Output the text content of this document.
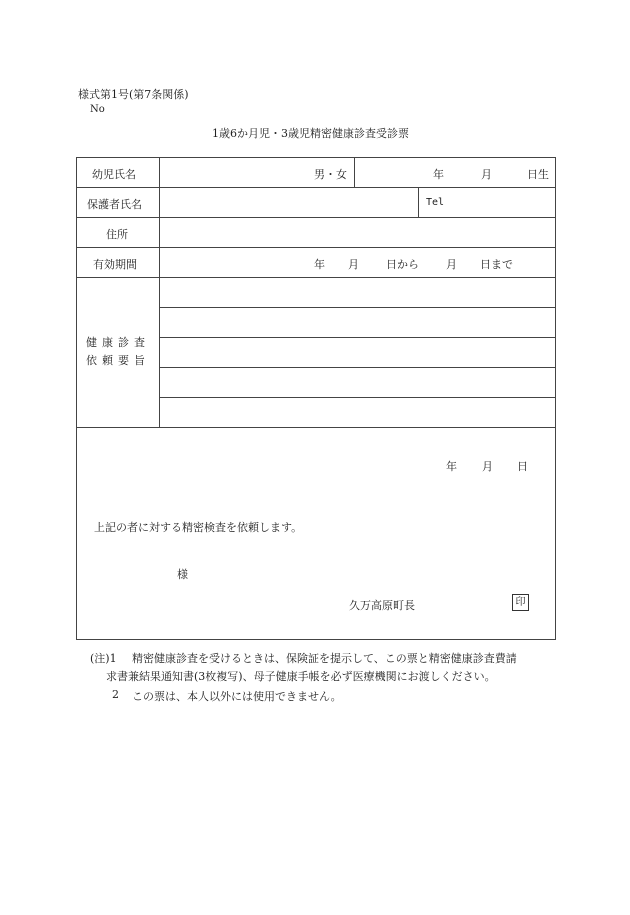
様式第1号(第7条関係)
No
1歳6か月児・3歳児精密健康診査受診票
幼児氏名	男・女	年	月	日生
保護者氏名	Tel
住所
有効期間	年 月 日から 月 日まで
健康診査
依頼要旨
年 月 日
上記の者に対する精密検査を依頼します。
様
久万高原町長	印
(注)1 精密健康診査を受けるときは、保険証を提示して、この票と精密健康診査費請
求書兼結果通知書(3枚複写)、母子健康手帳を必ず医療機関にお渡しください。
2 この票は、本人以外には使用できません。
